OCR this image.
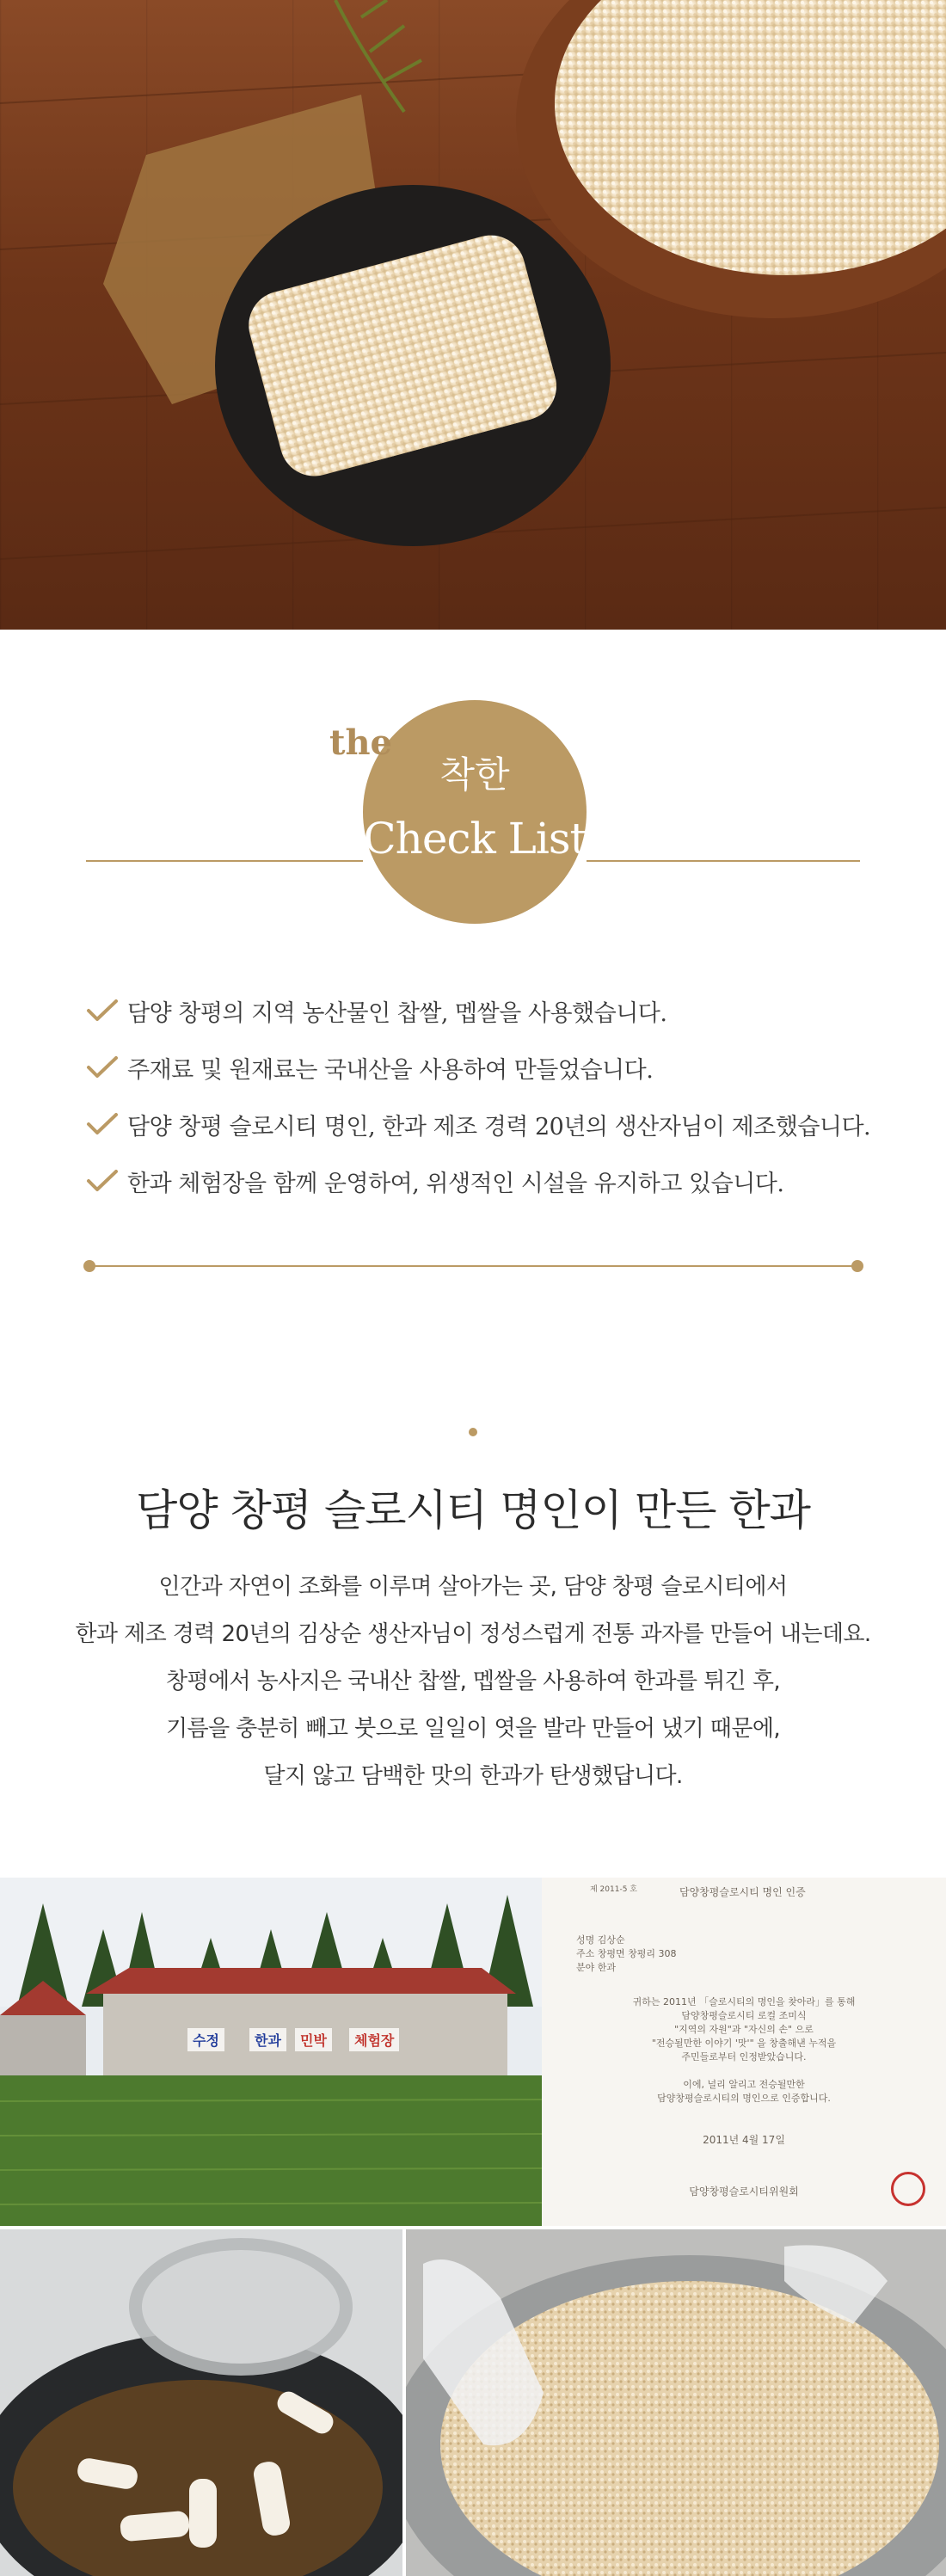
the
착한
Check List
담양 창평의 지역 농산물인 찹쌀, 멥쌀을 사용했습니다.
주재료 및 원재료는 국내산을 사용하여 만들었습니다.
담양 창평 슬로시티 명인, 한과 제조 경력 20년의 생산자님이 제조했습니다.
한과 체험장을 함께 운영하여, 위생적인 시설을 유지하고 있습니다.
담양 창평 슬로시티 명인이 만든 한과

인간과 자연이 조화를 이루며 살아가는 곳, 담양 창평 슬로시티에서

한과 제조 경력 20년의 김상순 생산자님이 정성스럽게 전통 과자를 만들어 내는데요.

창평에서 농사지은 국내산 찹쌀, 멥쌀을 사용하여 한과를 튀긴 후,

기름을 충분히 빼고 붓으로 일일이 엿을 발라 만들어 냈기 때문에,

달지 않고 담백한 맛의 한과가 탄생했답니다.

수정	한과	민박	체험장
제 2011-5 호	담양창평슬로시티 명인 인증
성명 김상순
주소 창평면 창평리 308
분야 한과
귀하는 2011년 「슬로시티의 명인을 찾아라」를 통해
담양창평슬로시티 로컬 조미식
"지역의 자원"과 "자신의 손" 으로
"전승될만한 이야기 '맛'" 을 창출해낸 누적을
주민들로부터 인정받았습니다.
이에, 널리 알리고 전승될만한
담양창평슬로시티의 명인으로 인증합니다.
2011년 4월 17일
담양창평슬로시티위원회
